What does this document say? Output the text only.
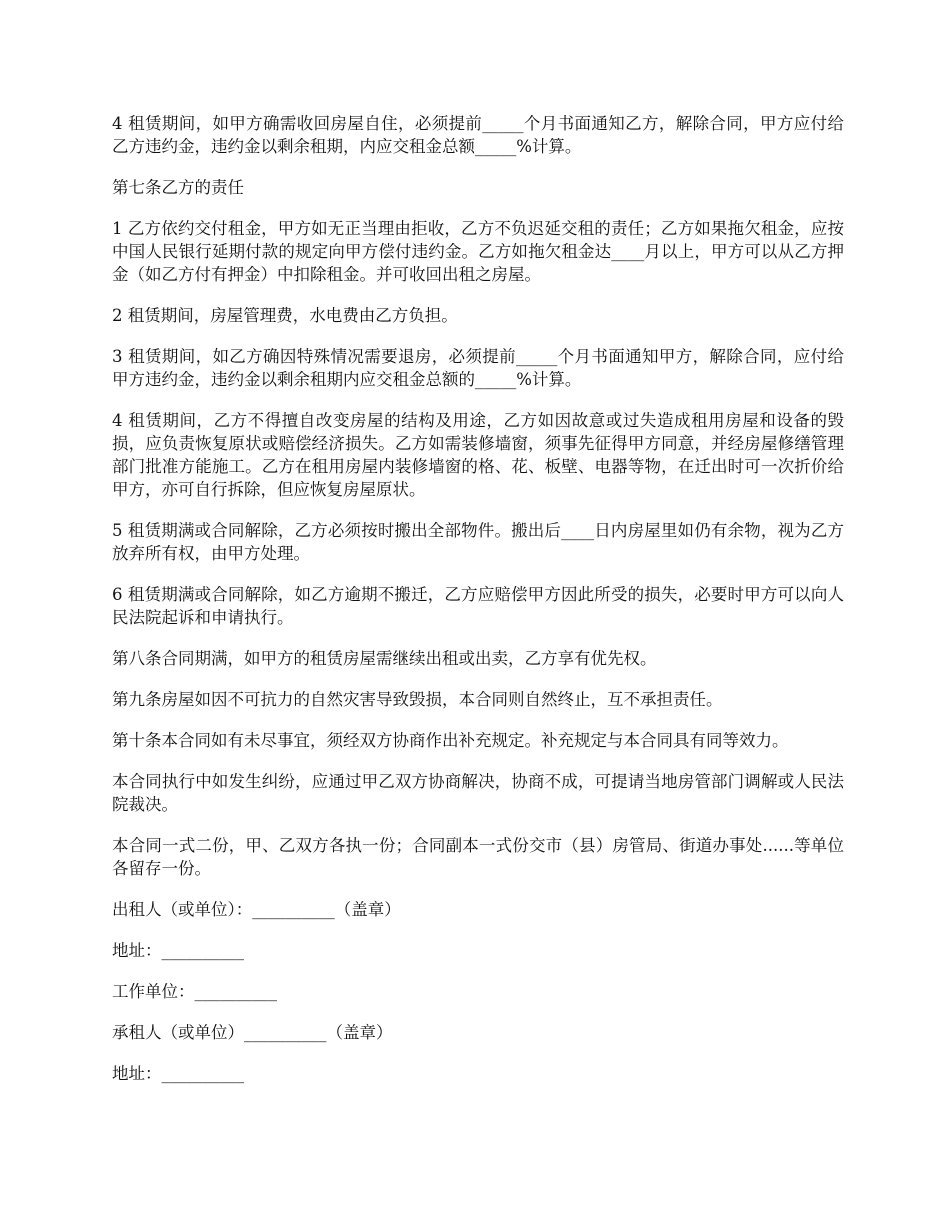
4 租赁期间，如甲方确需收回房屋自住，必须提前_____个月书面通知乙方，解除合同，甲方应付给乙方违约金，违约金以剩余租期，内应交租金总额_____%计算。

第七条乙方的责任

1 乙方依约交付租金，甲方如无正当理由拒收，乙方不负迟延交租的责任；乙方如果拖欠租金，应按中国人民银行延期付款的规定向甲方偿付违约金。乙方如拖欠租金达____月以上，甲方可以从乙方押金（如乙方付有押金）中扣除租金。并可收回出租之房屋。

2 租赁期间，房屋管理费，水电费由乙方负担。

3 租赁期间，如乙方确因特殊情况需要退房，必须提前_____个月书面通知甲方，解除合同，应付给甲方违约金，违约金以剩余租期内应交租金总额的_____%计算。

4 租赁期间，乙方不得擅自改变房屋的结构及用途，乙方如因故意或过失造成租用房屋和设备的毁损，应负责恢复原状或赔偿经济损失。乙方如需装修墙窗，须事先征得甲方同意，并经房屋修缮管理部门批准方能施工。乙方在租用房屋内装修墙窗的格、花、板壁、电器等物，在迁出时可一次折价给甲方，亦可自行拆除，但应恢复房屋原状。

5 租赁期满或合同解除，乙方必须按时搬出全部物件。搬出后____日内房屋里如仍有余物，视为乙方放弃所有权，由甲方处理。

6 租赁期满或合同解除，如乙方逾期不搬迁，乙方应赔偿甲方因此所受的损失，必要时甲方可以向人民法院起诉和申请执行。

第八条合同期满，如甲方的租赁房屋需继续出租或出卖，乙方享有优先权。

第九条房屋如因不可抗力的自然灾害导致毁损，本合同则自然终止，互不承担责任。

第十条本合同如有未尽事宜，须经双方协商作出补充规定。补充规定与本合同具有同等效力。

本合同执行中如发生纠纷，应通过甲乙双方协商解决，协商不成，可提请当地房管部门调解或人民法院裁决。

本合同一式二份，甲、乙双方各执一份；合同副本一式份交市（县）房管局、街道办事处......等单位各留存一份。

出租人（或单位）：__________（盖章）

地址：__________

工作单位：__________

承租人（或单位）__________（盖章）

地址：__________
